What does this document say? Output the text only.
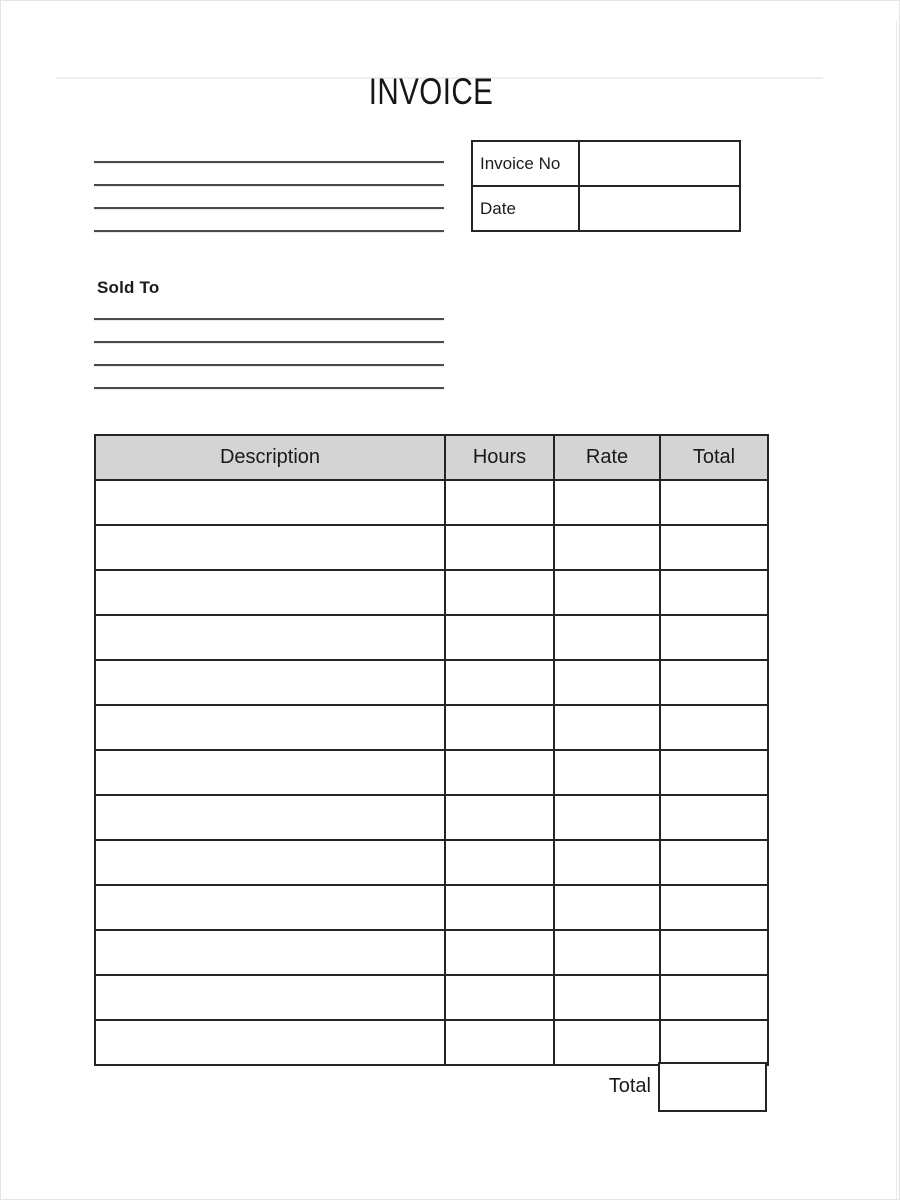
INVOICE
Invoice No	
Date	
Sold To
Description	Hours	Rate	Total

Total
